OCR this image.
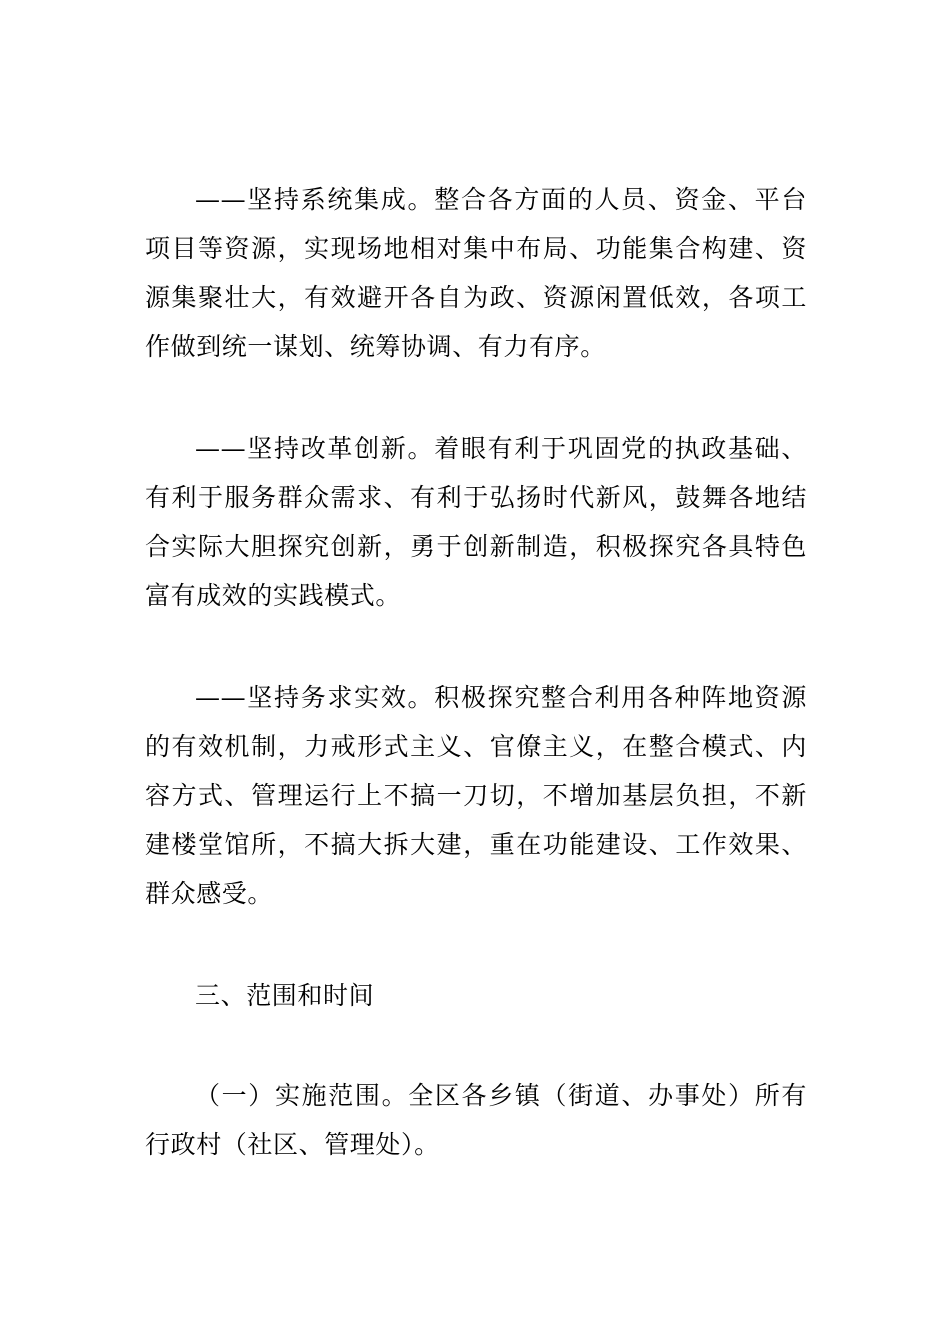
——坚持系统集成。整合各方面的人员、资金、平台项目等资源，实现场地相对集中布局、功能集合构建、资源集聚壮大，有效避开各自为政、资源闲置低效，各项工作做到统一谋划、统筹协调、有力有序。

——坚持改革创新。着眼有利于巩固党的执政基础、有利于服务群众需求、有利于弘扬时代新风，鼓舞各地结合实际大胆探究创新，勇于创新制造，积极探究各具特色富有成效的实践模式。

——坚持务求实效。积极探究整合利用各种阵地资源的有效机制，力戒形式主义、官僚主义，在整合模式、内容方式、管理运行上不搞一刀切，不增加基层负担，不新建楼堂馆所，不搞大拆大建，重在功能建设、工作效果、群众感受。

三、范围和时间

（一）实施范围。全区各乡镇（街道、办事处）所有行政村（社区、管理处）。
